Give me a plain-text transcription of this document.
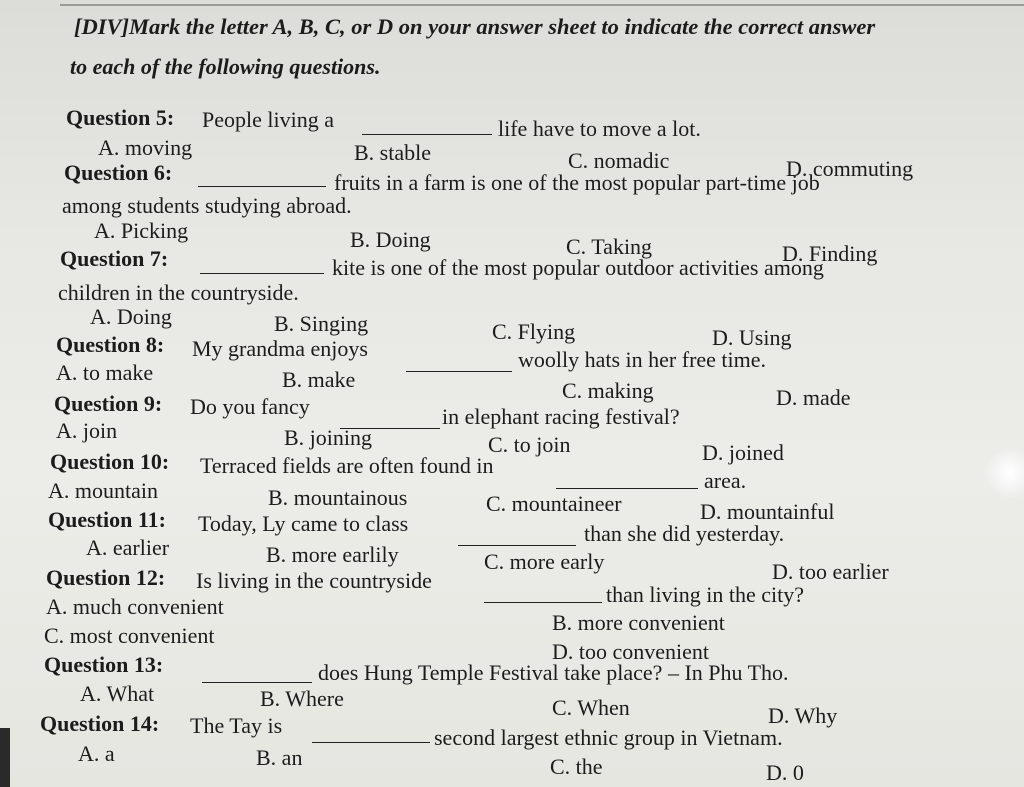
[DIV]Mark the letter A, B, C, or D on your answer sheet to indicate the correct answer
to each of the following questions.
Question 5: People living a	life have to move a lot.
A. moving	B. stable	C. nomadic	D. commuting
Question 6:	fruits in a farm is one of the most popular part-time job
among students studying abroad.
A. Picking	B. Doing	C. Taking	D. Finding
Question 7:	kite is one of the most popular outdoor activities among
children in the countryside.
A. Doing	B. Singing	C. Flying	D. Using
Question 8: My grandma enjoys	woolly hats in her free time.
A. to make	B. make	C. making	D. made
Question 9: Do you fancy	in elephant racing festival?
A. join	B. joining	C. to join	D. joined
Question 10: Terraced fields are often found in
area.
A. mountain	B. mountainous	C. mountaineer	D. mountainful
Question 11: Today, Ly came to class	than she did yesterday.
A. earlier	B. more earlily	C. more early	D. too earlier
Question 12: Is living in the countryside
than living in the city?
A. much convenient
B. more convenient
C. most convenient
D. too convenient
Question 13:	does Hung Temple Festival take place? – In Phu Tho.
A. What	B. Where	C. When	D. Why
Question 14: The Tay is	second largest ethnic group in Vietnam.
A. a	B. an	C. the	D. 0
